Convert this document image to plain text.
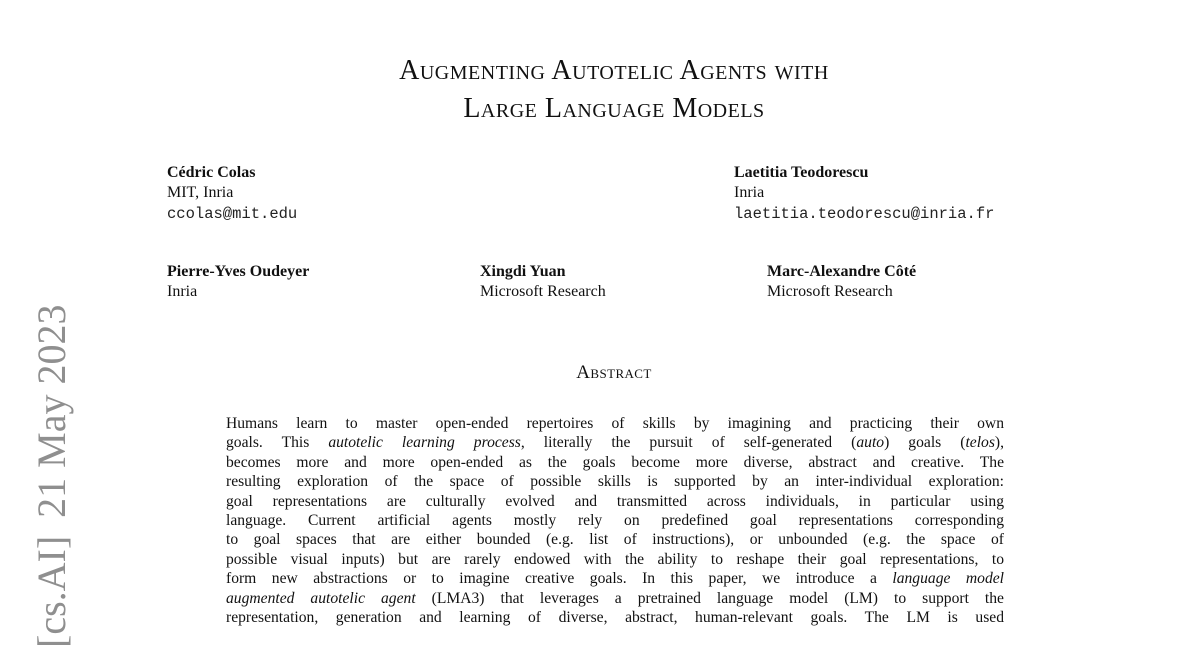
Augmenting Autotelic Agents with
Large Language Models
Cédric Colas
MIT, Inria
ccolas@mit.edu
Laetitia Teodorescu
Inria
laetitia.teodorescu@inria.fr
Pierre-Yves Oudeyer
Inria
Xingdi Yuan
Microsoft Research
Marc-Alexandre Côté
Microsoft Research
[cs.AI]21 May 2023	Abstract
Humans learn to master open-ended repertoires of skills by imagining and practicing their own
goals. This autotelic learning process, literally the pursuit of self-generated (auto) goals (telos),
becomes more and more open-ended as the goals become more diverse, abstract and creative. The
resulting exploration of the space of possible skills is supported by an inter-individual exploration:
goal representations are culturally evolved and transmitted across individuals, in particular using
language. Current artificial agents mostly rely on predefined goal representations corresponding
to goal spaces that are either bounded (e.g. list of instructions), or unbounded (e.g. the space of
possible visual inputs) but are rarely endowed with the ability to reshape their goal representations, to
form new abstractions or to imagine creative goals. In this paper, we introduce a language model
augmented autotelic agent (LMA3) that leverages a pretrained language model (LM) to support the
representation, generation and learning of diverse, abstract, human-relevant goals. The LM is used
